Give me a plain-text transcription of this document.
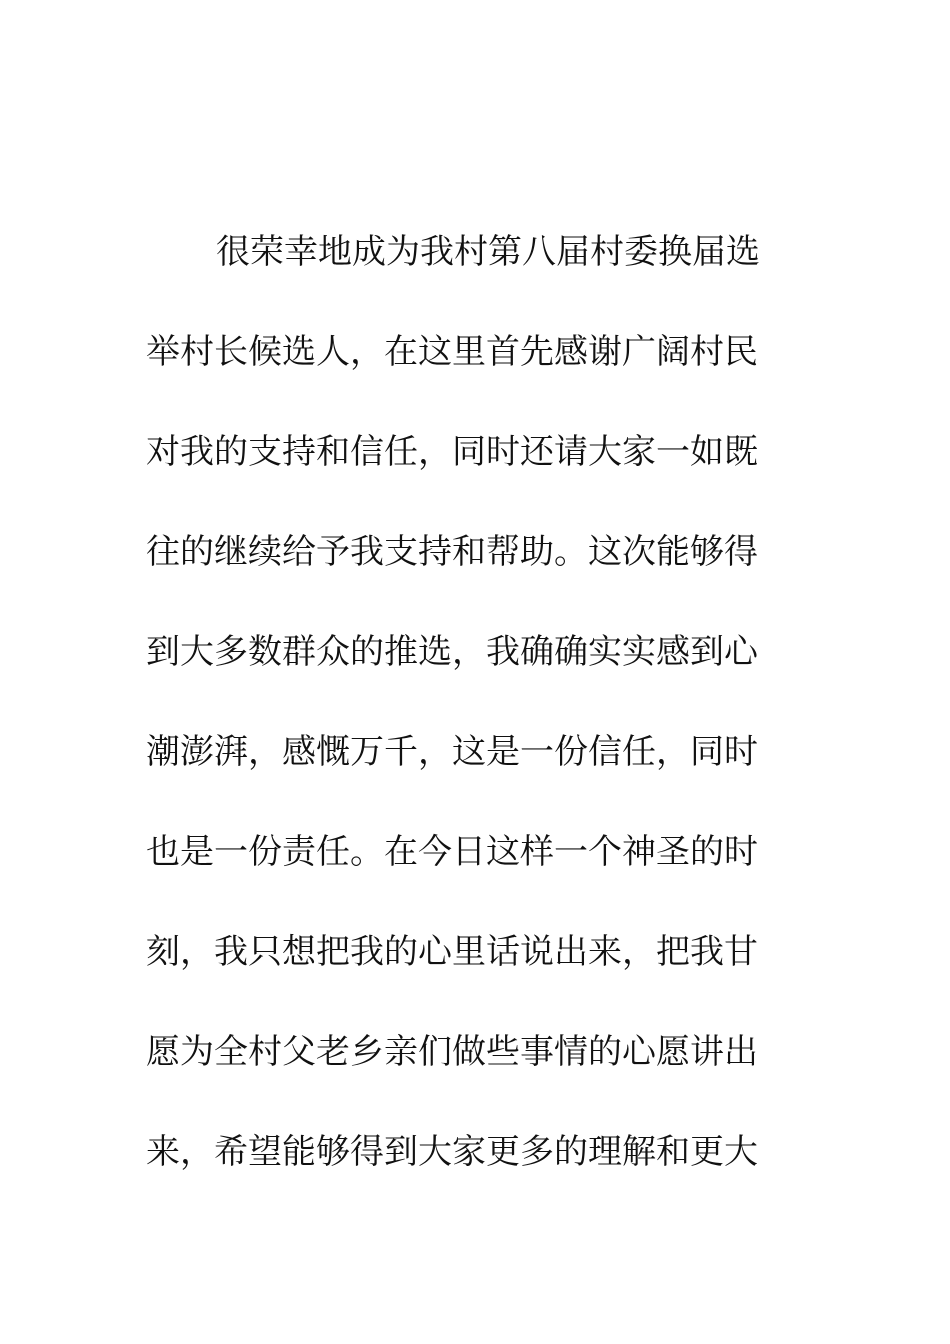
很荣幸地成为我村第八届村委换届选
举村长候选人，在这里首先感谢广阔村民
对我的支持和信任，同时还请大家一如既
往的继续给予我支持和帮助。这次能够得
到大多数群众的推选，我确确实实感到心
潮澎湃，感慨万千，这是一份信任，同时
也是一份责任。在今日这样一个神圣的时
刻，我只想把我的心里话说出来，把我甘
愿为全村父老乡亲们做些事情的心愿讲出
来，希望能够得到大家更多的理解和更大
